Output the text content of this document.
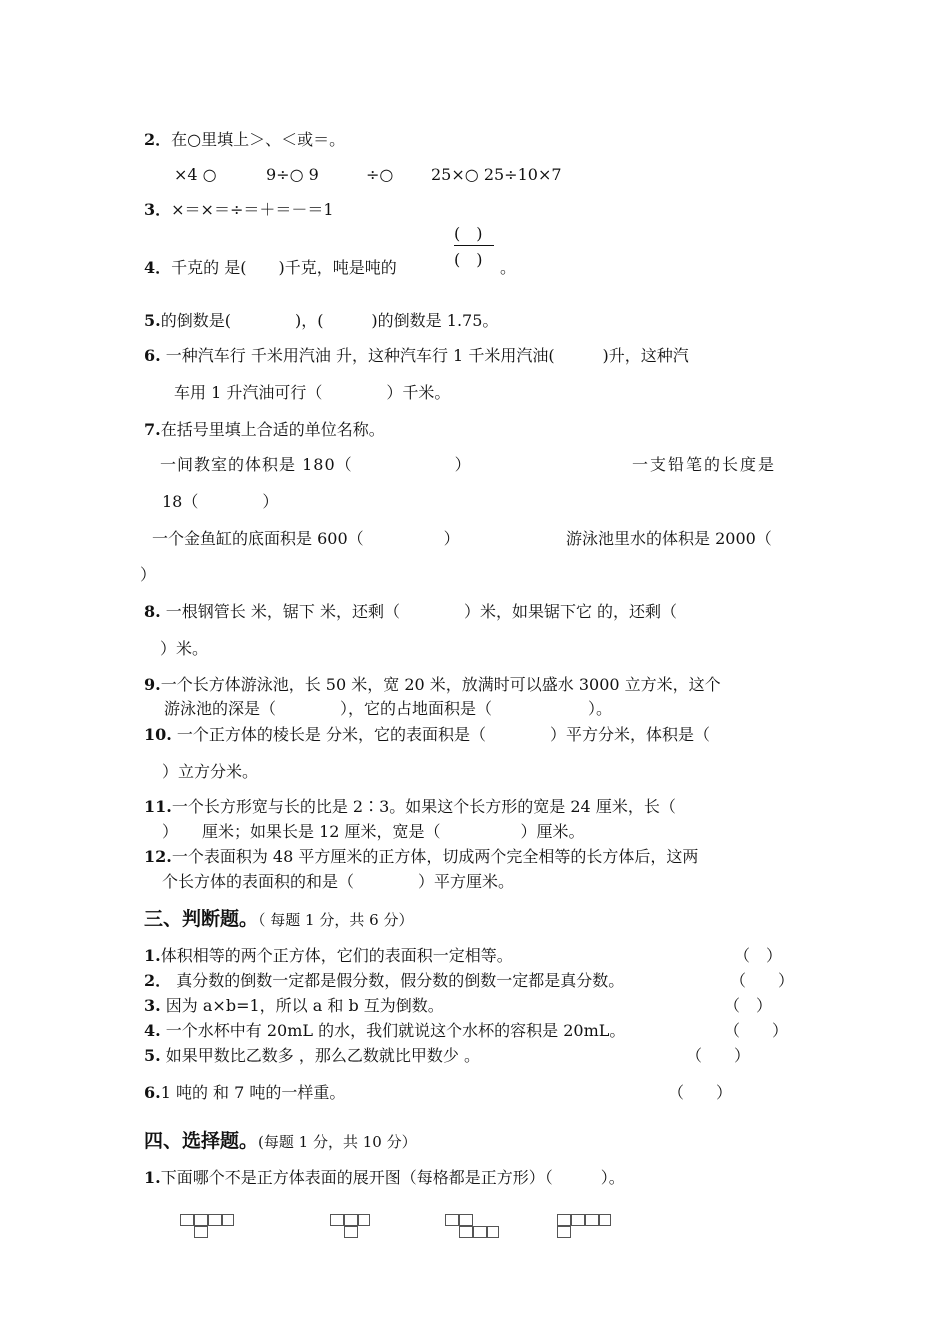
2．在○里填上＞、＜或＝。
×4 ○	9÷○ 9	÷○ 25×○ 25÷10×7
3．×＝×＝÷＝＋＝－＝1
4．千克的 是(　　)千克，吨是吨的
(　)
(　) 。
5.的倒数是(　　　　)，(　　　)的倒数是 1.75。
6. 一种汽车行 千米用汽油 升，这种汽车行 1 千米用汽油(　　　)升，这种汽
车用 1 升汽油可行（　　　　）千米。
7.在括号里填上合适的单位名称。
一间教室的体积是 180（　　　　　　）	一支铅笔的长度是
18（　　　　）
一个金鱼缸的底面积是 600（　　　　　）	游泳池里水的体积是 2000（
）
8. 一根钢管长 米，锯下 米，还剩（　　　　）米，如果锯下它 的，还剩（
）米。
9.一个长方体游泳池，长 50 米，宽 20 米，放满时可以盛水 3000 立方米，这个
游泳池的深是（　　　　），它的占地面积是（　　　　　　）。
10. 一个正方体的棱长是 分米，它的表面积是（　　　　）平方分米，体积是（
）立方分米。
11.一个长方形宽与长的比是 2∶3。如果这个长方形的宽是 24 厘米，长（
）　　厘米；如果长是 12 厘米，宽是（　　　　　）厘米。
12.一个表面积为 48 平方厘米的正方体，切成两个完全相等的长方体后，这两
个长方体的表面积的和是（　　　　）平方厘米。
三、判断题。（ 每题 1 分，共 6 分）
1.体积相等的两个正方体，它们的表面积一定相等。	（　）
2． 真分数的倒数一定都是假分数，假分数的倒数一定都是真分数。	（　　）
3. 因为 a×b=1，所以 a 和 b 互为倒数。	（　）
4. 一个水杯中有 20mL 的水，我们就说这个水杯的容积是 20mL。	（　　）
5. 如果甲数比乙数多 ，那么乙数就比甲数少 。	（　　）
6.1 吨的 和 7 吨的一样重。	（　　）
四、选择题。(每题 1 分，共 10 分）
1.下面哪个不是正方体表面的展开图（每格都是正方形）（　　　）。
